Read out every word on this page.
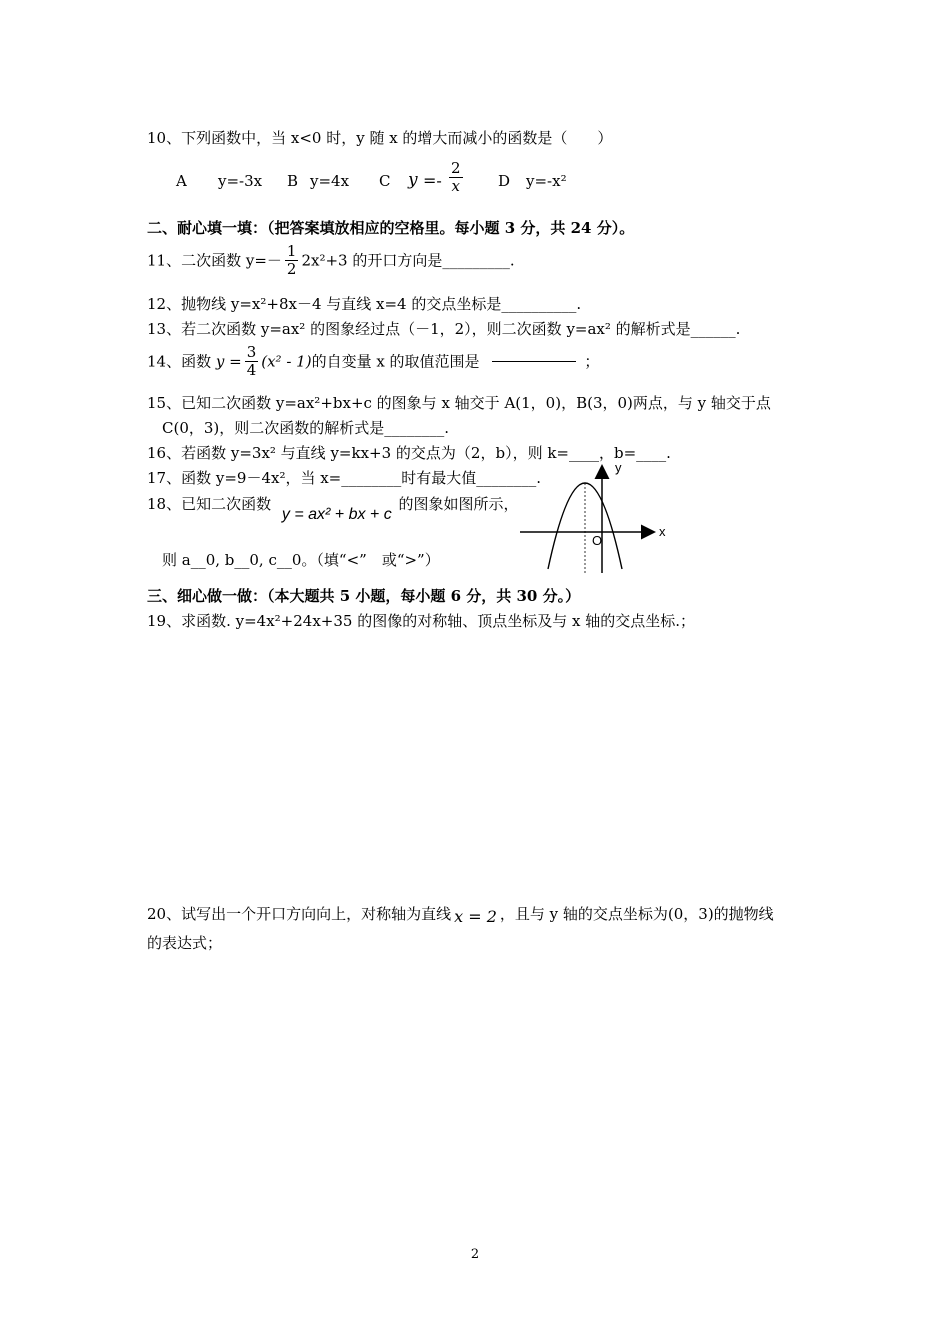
10、下列函数中，当 x<0 时，y 随 x 的增大而减小的函数是（　　）
A y=-3x B y=4x C $y =- \frac{2}{x}$ D y=-x²
二、耐心填一填：（把答案填放相应的空格里。每小题 3 分，共 24 分）。
11、二次函数 $y=- \frac{1}{2} 2x^2+3$ 的开口方向是_________.
12、抛物线 y=x²+8x－4 与直线 x=4 的交点坐标是__________.
13、若二次函数 y=ax² 的图象经过点（－1，2），则二次函数 y=ax² 的解析式是______.
14、函数 $y = \frac{3}{4} (x^2 - 1)$的自变量 x 的取值范围是	；
15、已知二次函数 y=ax²+bx+c 的图象与 x 轴交于 A(1，0)，B(3，0)两点，与 y 轴交于点
C(0，3)，则二次函数的解析式是________.
16、若函数 y=3x² 与直线 y=kx+3 的交点为（2，b），则 k=____，b=____.
17、函数 y=9－4x²，当 x=________时有最大值________.
18、已知二次函数 y = ax² + bx + c 的图象如图所示，
则 a__0, b__0, c__0。（填“<”　或“>”）
x
y
O
三、细心做一做：（本大题共 5 小题，每小题 6 分，共 30 分。）
19、求函数. y=4x²+24x+35 的图像的对称轴、顶点坐标及与 x 轴的交点坐标.；
20、试写出一个开口方向向上，对称轴为直线 x = 2 ，且与 y 轴的交点坐标为(0，3)的抛物线
的表达式；
2
